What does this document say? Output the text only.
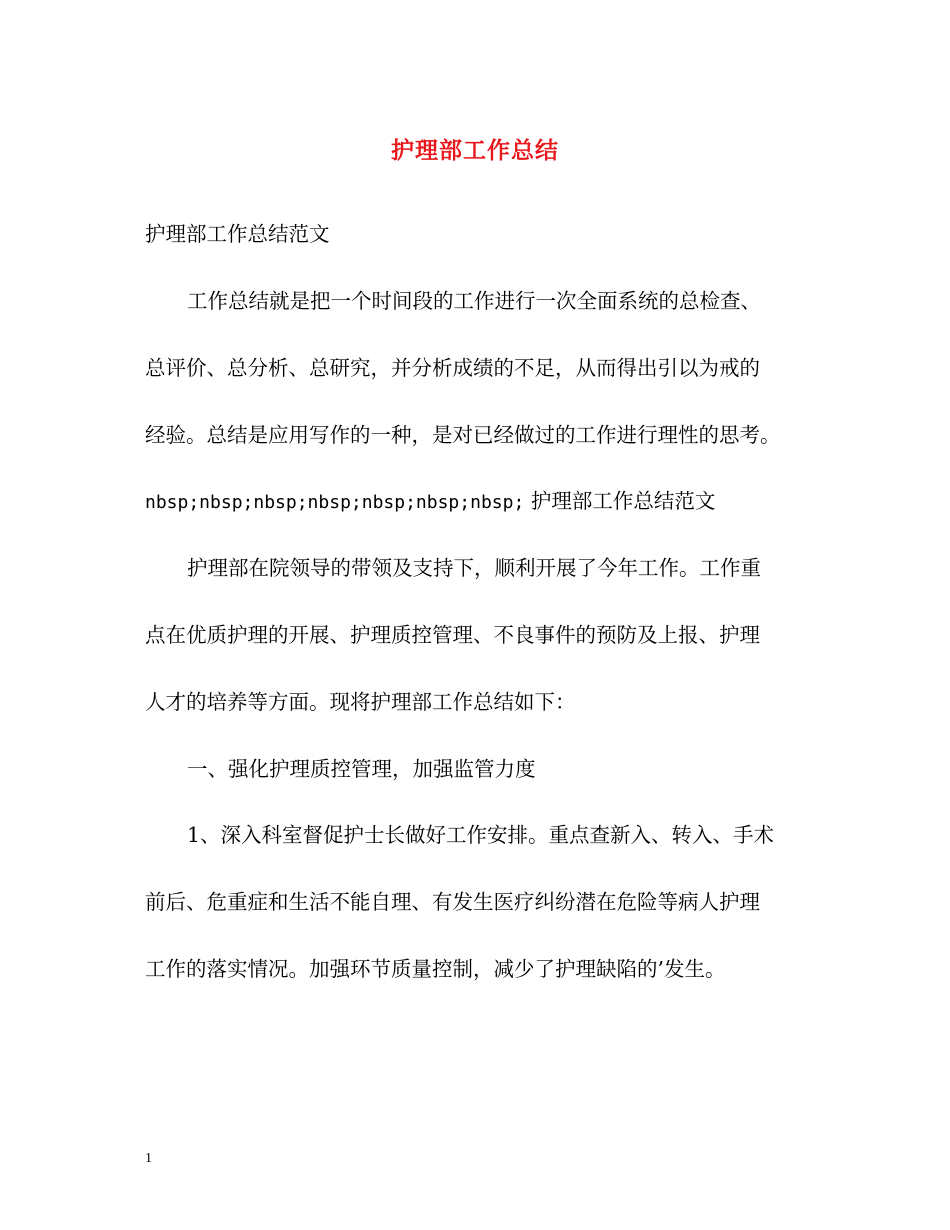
护理部工作总结
护理部工作总结范文
工作总结就是把一个时间段的工作进行一次全面系统的总检查、
总评价、总分析、总研究，并分析成绩的不足，从而得出引以为戒的
经验。总结是应用写作的一种，是对已经做过的工作进行理性的思考。
nbsp;nbsp;nbsp;nbsp;nbsp;nbsp;nbsp; 护理部工作总结范文
护理部在院领导的带领及支持下，顺利开展了今年工作。工作重
点在优质护理的开展、护理质控管理、不良事件的预防及上报、护理
人才的培养等方面。现将护理部工作总结如下：
一、强化护理质控管理，加强监管力度
1、深入科室督促护士长做好工作安排。重点查新入、转入、手术
前后、危重症和生活不能自理、有发生医疗纠纷潜在危险等病人护理
工作的落实情况。加强环节质量控制，减少了护理缺陷的’发生。
1
